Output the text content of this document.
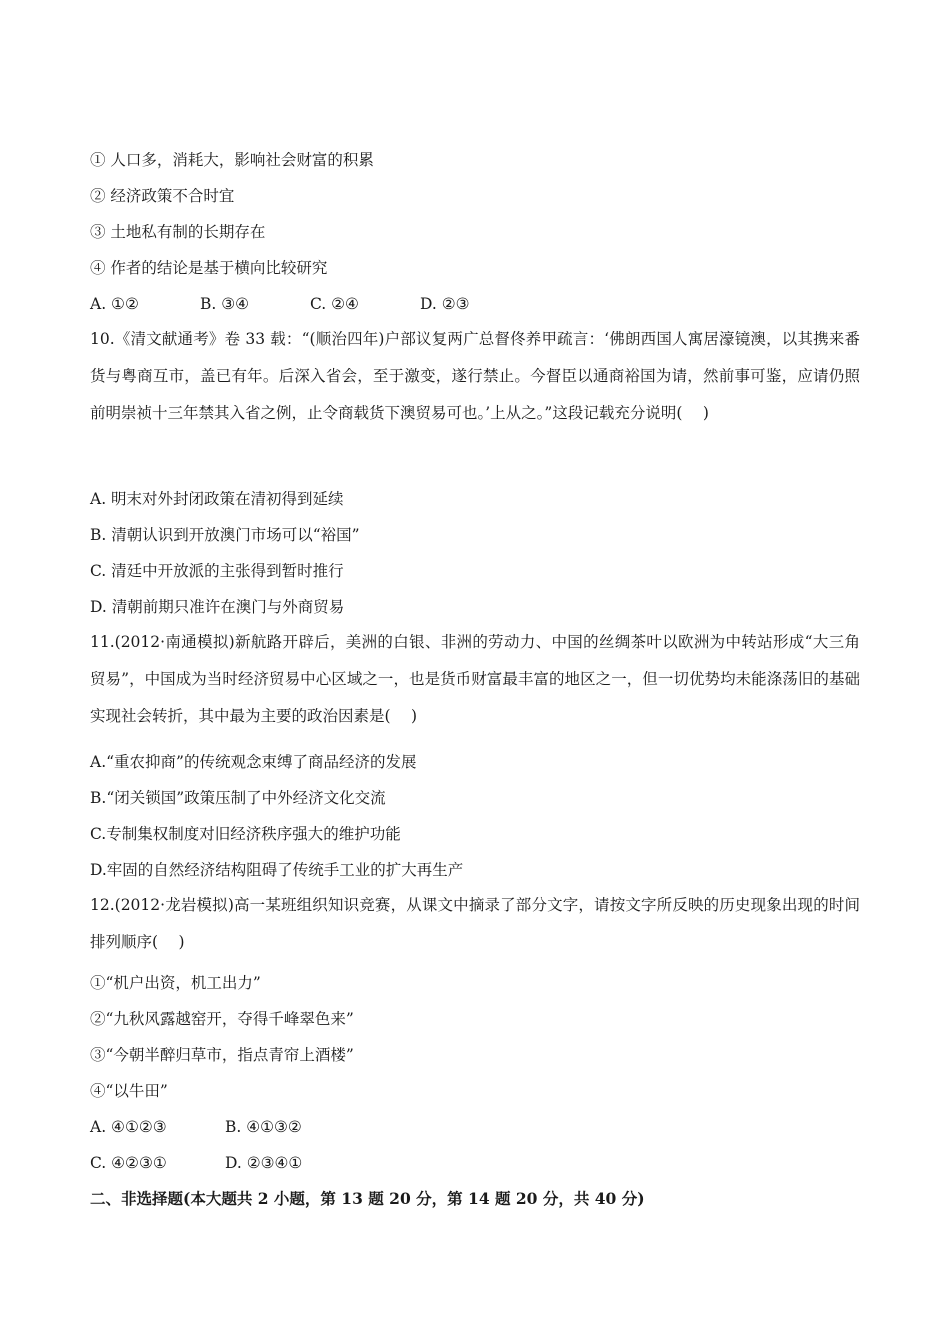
① 人口多，消耗大，影响社会财富的积累
② 经济政策不合时宜
③ 土地私有制的长期存在
④ 作者的结论是基于横向比较研究
A. ①②	B. ③④	C. ②④	D. ②③
10.《清文献通考》卷 33 载：“(顺治四年)户部议复两广总督佟养甲疏言：‘佛朗西国人寓居濠镜澳，以其携来番货与粤商互市，盖已有年。后深入省会，至于激变，遂行禁止。今督臣以通商裕国为请，然前事可鉴，应请仍照前明崇祯十三年禁其入省之例，止令商载货下澳贸易可也。’上从之。”这段记载充分说明(　 )
A. 明末对外封闭政策在清初得到延续
B. 清朝认识到开放澳门市场可以“裕国”
C. 清廷中开放派的主张得到暂时推行
D. 清朝前期只准许在澳门与外商贸易
11.(2012·南通模拟)新航路开辟后，美洲的白银、非洲的劳动力、中国的丝绸茶叶以欧洲为中转站形成“大三角贸易”，中国成为当时经济贸易中心区域之一，也是货币财富最丰富的地区之一，但一切优势均未能涤荡旧的基础实现社会转折，其中最为主要的政治因素是(　 )
A.“重农抑商”的传统观念束缚了商品经济的发展
B.“闭关锁国”政策压制了中外经济文化交流
C.专制集权制度对旧经济秩序强大的维护功能
D.牢固的自然经济结构阻碍了传统手工业的扩大再生产
12.(2012·龙岩模拟)高一某班组织知识竞赛，从课文中摘录了部分文字，请按文字所反映的历史现象出现的时间排列顺序(　 )
①“机户出资，机工出力”
②“九秋风露越窑开，夺得千峰翠色来”
③“今朝半醉归草市，指点青帘上酒楼”
④“以牛田”
A. ④①②③	B. ④①③②
C. ④②③①	D. ②③④①
二、非选择题(本大题共 2 小题，第 13 题 20 分，第 14 题 20 分，共 40 分)
